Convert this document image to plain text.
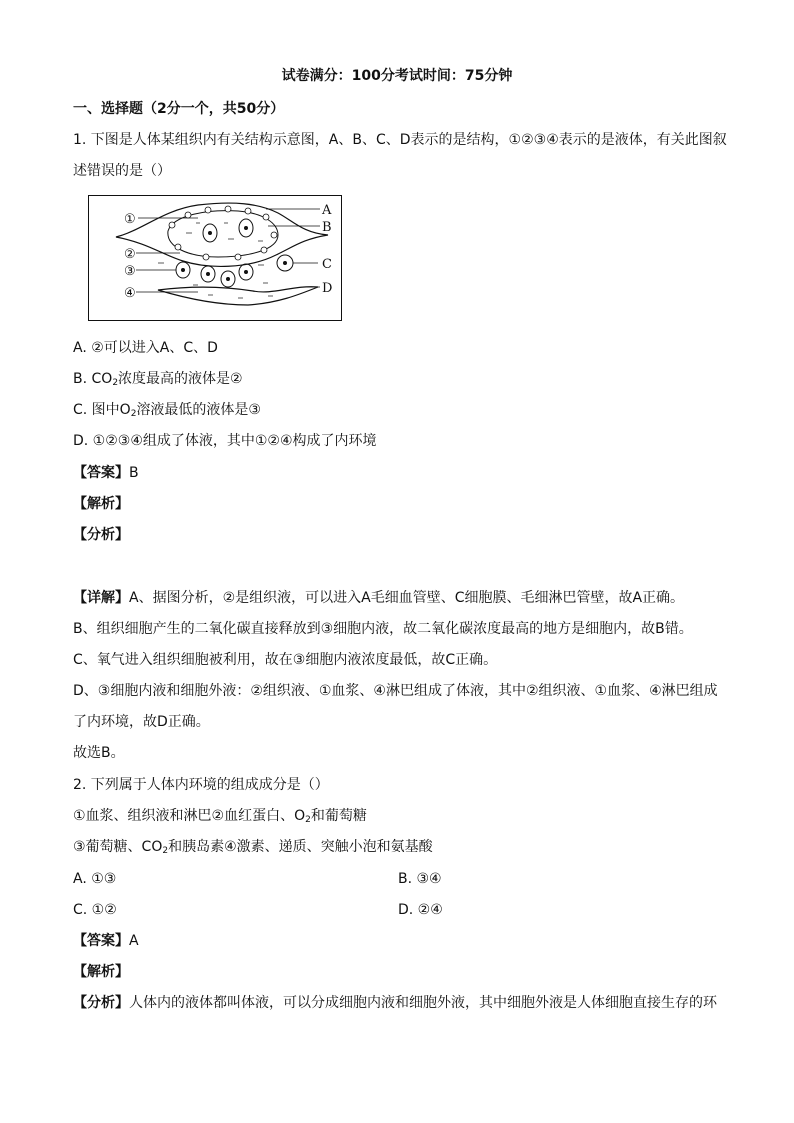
试卷满分：100分考试时间：75分钟
一、选择题（2分一个，共50分）
1. 下图是人体某组织内有关结构示意图，A、B、C、D表示的是结构，①②③④表示的是液体，有关此图叙
述错误的是（）
①
②
③
④
A
B
C
D
A. ②可以进入A、C、D
B. $CO_2$浓度最高的液体是②
C. 图中$O_2$溶液最低的液体是③
D. ①②③④组成了体液，其中①②④构成了内环境
【答案】B
【解析】
【分析】
【详解】A、据图分析，②是组织液，可以进入A毛细血管壁、C细胞膜、毛细淋巴管壁，故A正确。
B、组织细胞产生的二氧化碳直接释放到③细胞内液，故二氧化碳浓度最高的地方是细胞内，故B错。
C、氧气进入组织细胞被利用，故在③细胞内液浓度最低，故C正确。
D、③细胞内液和细胞外液：②组织液、①血浆、④淋巴组成了体液，其中②组织液、①血浆、④淋巴组成
了内环境，故D正确。
故选B。
2. 下列属于人体内环境的组成成分是（）
①血浆、组织液和淋巴②血红蛋白、$O_2$和葡萄糖
③葡萄糖、$CO_2$和胰岛素④激素、递质、突触小泡和氨基酸
A. ①③	B. ③④
C. ①②	D. ②④
【答案】A
【解析】
【分析】人体内的液体都叫体液，可以分成细胞内液和细胞外液，其中细胞外液是人体细胞直接生存的环
